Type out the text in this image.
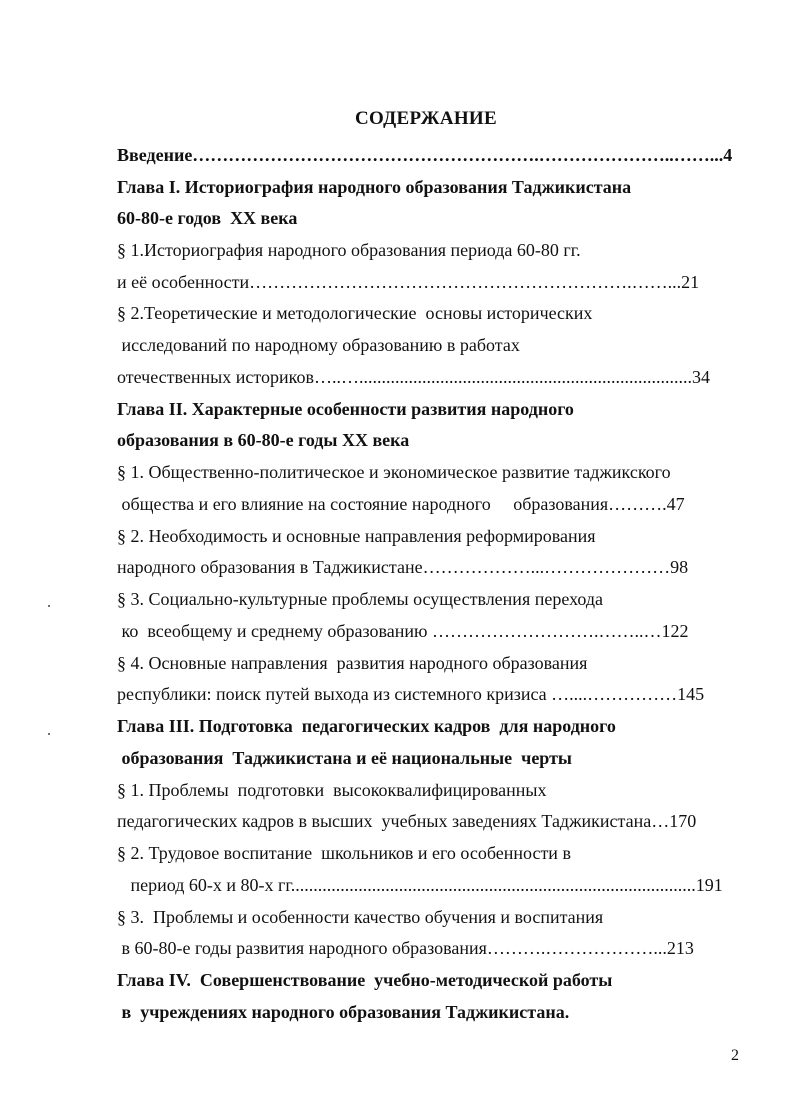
СОДЕРЖАНИЕ

Введение………………………………………………….…………………..……...4

Глава I. Историография народного образования Таджикистана

60-80-е годов  XX века

§ 1.Историография народного образования периода 60-80 гг.

и её особенности……………………………………………………….……...21

§ 2.Теоретические и методологические  основы исторических

исследований по народному образованию в работах

отечественных историков…..…..........................................................................34

Глава II. Характерные особенности развития народного

образования в 60-80-е годы XX века

§ 1. Общественно-политическое и экономическое развитие таджикского

общества и его влияние на состояние народного     образования……….47

§ 2. Необходимость и основные направления реформирования

народного образования в Таджикистане………………...…………………98

§ 3. Социально-культурные проблемы осуществления перехода

ко  всеобщему и среднему образованию ……………………….……..…122

§ 4. Основные направления  развития народного образования

республики: поиск путей выхода из системного кризиса …....……………145

Глава III. Подготовка  педагогических кадров  для народного

образования  Таджикистана и её национальные  черты

§ 1. Проблемы  подготовки  высококвалифицированных

педагогических кадров в высших  учебных заведениях Таджикистана…170

§ 2. Трудовое воспитание  школьников и его особенности в

период 60-х и 80-х гг..........................................................................................191

§ 3.  Проблемы и особенности качество обучения и воспитания

в 60-80-е годы развития народного образования……….………………...213

Глава IV.  Совершенствование  учебно-методической работы

в  учреждениях народного образования Таджикистана.

2
